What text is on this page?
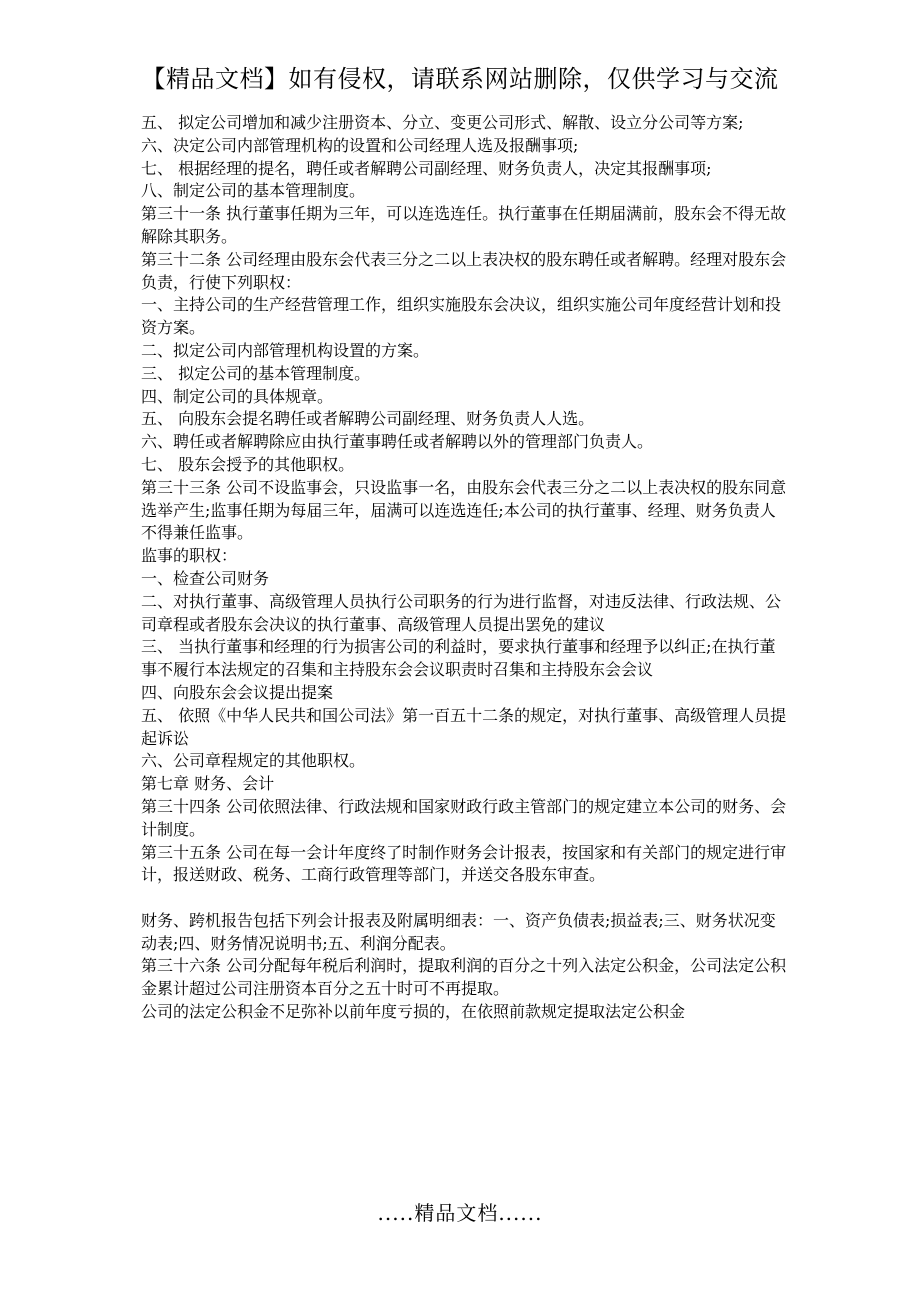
【精品文档】如有侵权，请联系网站删除，仅供学习与交流

五、 拟定公司增加和减少注册资本、分立、变更公司形式、解散、设立分公司等方案;

六、决定公司内部管理机构的设置和公司经理人选及报酬事项;

七、 根据经理的提名，聘任或者解聘公司副经理、财务负责人，决定其报酬事项;

八、制定公司的基本管理制度。

第三十一条 执行董事任期为三年，可以连选连任。执行董事在任期届满前，股东会不得无故解除其职务。

第三十二条 公司经理由股东会代表三分之二以上表决权的股东聘任或者解聘。经理对股东会负责，行使下列职权：

一、主持公司的生产经营管理工作，组织实施股东会决议，组织实施公司年度经营计划和投资方案。

二、拟定公司内部管理机构设置的方案。

三、 拟定公司的基本管理制度。

四、制定公司的具体规章。

五、 向股东会提名聘任或者解聘公司副经理、财务负责人人选。

六、聘任或者解聘除应由执行董事聘任或者解聘以外的管理部门负责人。

七、 股东会授予的其他职权。

第三十三条 公司不设监事会，只设监事一名，由股东会代表三分之二以上表决权的股东同意选举产生;监事任期为每届三年，届满可以连选连任;本公司的执行董事、经理、财务负责人不得兼任监事。

监事的职权：

一、检查公司财务

二、对执行董事、高级管理人员执行公司职务的行为进行监督，对违反法律、行政法规、公司章程或者股东会决议的执行董事、高级管理人员提出罢免的建议

三、 当执行董事和经理的行为损害公司的利益时，要求执行董事和经理予以纠正;在执行董事不履行本法规定的召集和主持股东会会议职责时召集和主持股东会会议

四、向股东会会议提出提案

五、 依照《中华人民共和国公司法》第一百五十二条的规定，对执行董事、高级管理人员提起诉讼

六、公司章程规定的其他职权。

第七章 财务、会计

第三十四条 公司依照法律、行政法规和国家财政行政主管部门的规定建立本公司的财务、会计制度。

第三十五条 公司在每一会计年度终了时制作财务会计报表，按国家和有关部门的规定进行审计，报送财政、税务、工商行政管理等部门，并送交各股东审查。

财务、跨机报告包括下列会计报表及附属明细表：一、资产负债表;损益表;三、财务状况变动表;四、财务情况说明书;五、利润分配表。

第三十六条 公司分配每年税后利润时，提取利润的百分之十列入法定公积金，公司法定公积金累计超过公司注册资本百分之五十时可不再提取。

公司的法定公积金不足弥补以前年度亏损的，在依照前款规定提取法定公积金

.....精品文档......
